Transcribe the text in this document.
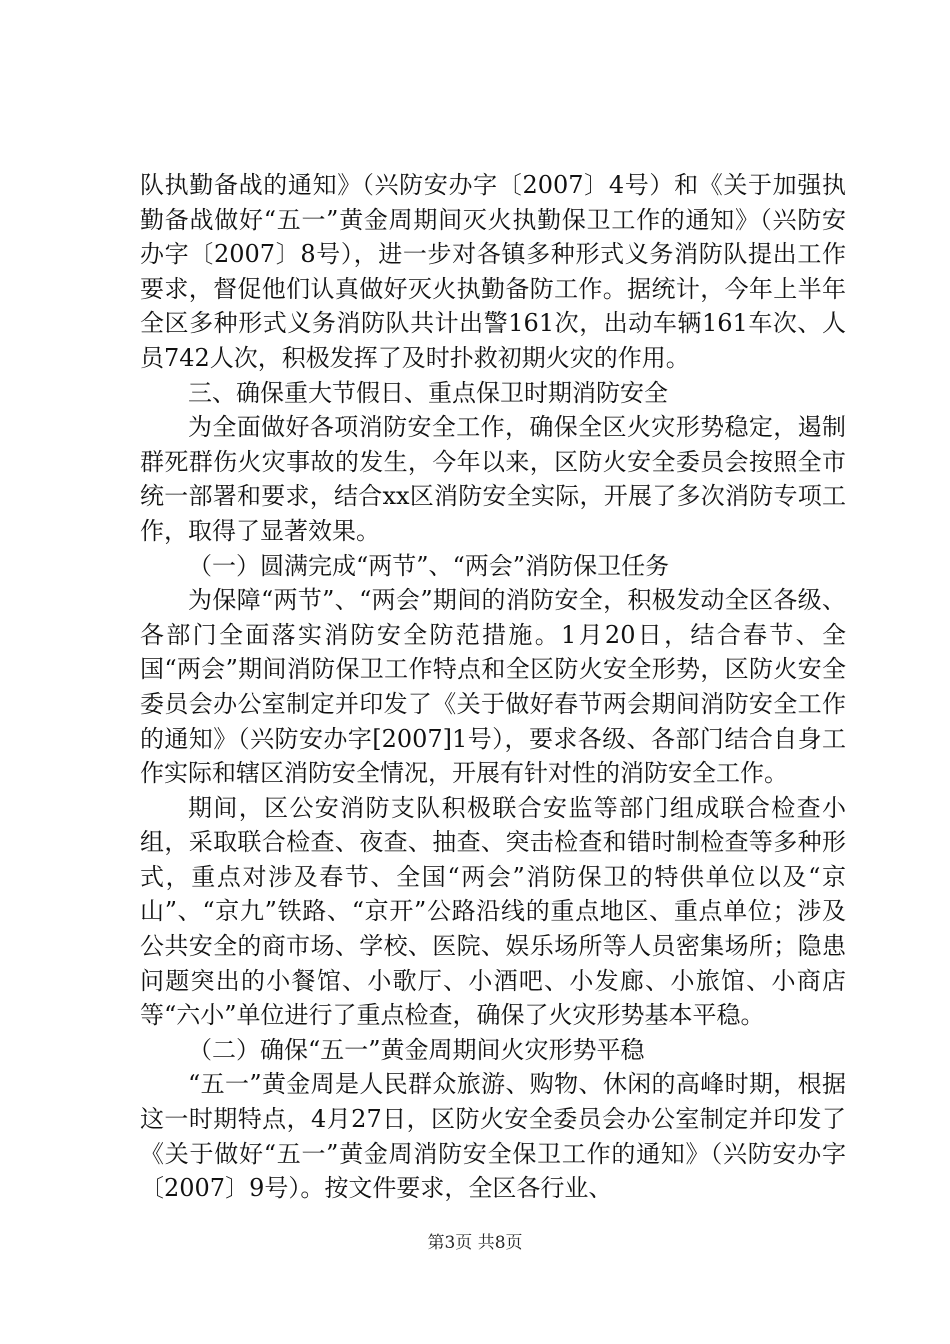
队执勤备战的通知》（兴防安办字〔2007〕4号）和《关于加强执勤备战做好“五一”黄金周期间灭火执勤保卫工作的通知》（兴防安办字〔2007〕8号），进一步对各镇多种形式义务消防队提出工作要求，督促他们认真做好灭火执勤备防工作。据统计，今年上半年全区多种形式义务消防队共计出警161次，出动车辆161车次、人员742人次，积极发挥了及时扑救初期火灾的作用。

三、确保重大节假日、重点保卫时期消防安全

为全面做好各项消防安全工作，确保全区火灾形势稳定，遏制群死群伤火灾事故的发生，今年以来，区防火安全委员会按照全市统一部署和要求，结合xx区消防安全实际，开展了多次消防专项工作，取得了显著效果。

（一）圆满完成“两节”、“两会”消防保卫任务

为保障“两节”、“两会”期间的消防安全，积极发动全区各级、各部门全面落实消防安全防范措施。1月20日，结合春节、全国“两会”期间消防保卫工作特点和全区防火安全形势，区防火安全委员会办公室制定并印发了《关于做好春节两会期间消防安全工作的通知》（兴防安办字[2007]1号），要求各级、各部门结合自身工作实际和辖区消防安全情况，开展有针对性的消防安全工作。

期间，区公安消防支队积极联合安监等部门组成联合检查小组，采取联合检查、夜查、抽查、突击检查和错时制检查等多种形式，重点对涉及春节、全国“两会”消防保卫的特供单位以及“京山”、“京九”铁路、“京开”公路沿线的重点地区、重点单位；涉及公共安全的商市场、学校、医院、娱乐场所等人员密集场所；隐患问题突出的小餐馆、小歌厅、小酒吧、小发廊、小旅馆、小商店等“六小”单位进行了重点检查，确保了火灾形势基本平稳。

（二）确保“五一”黄金周期间火灾形势平稳

“五一”黄金周是人民群众旅游、购物、休闲的高峰时期，根据这一时期特点，4月27日，区防火安全委员会办公室制定并印发了《关于做好“五一”黄金周消防安全保卫工作的通知》（兴防安办字〔2007〕9号）。按文件要求，全区各行业、

第3页 共8页
